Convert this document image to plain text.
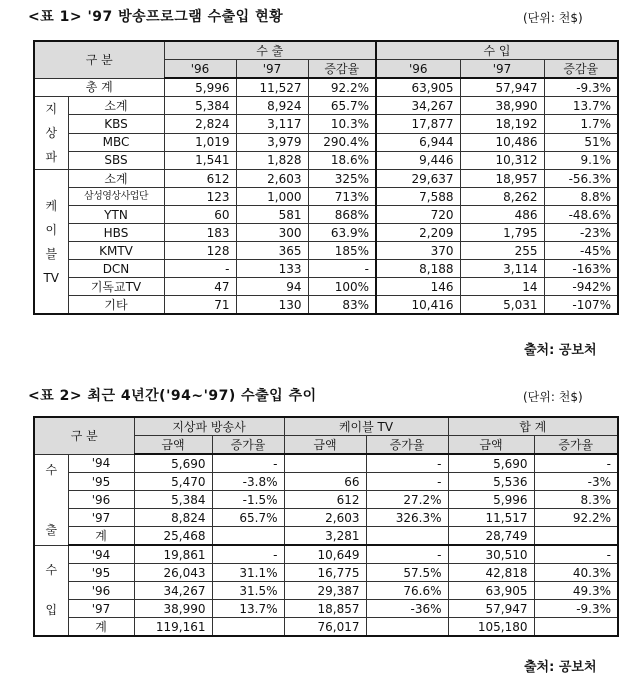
<표 1> '97 방송프로그램 수출입 현황	(단위: 천$)
구 분		수 출			수 입		
		'96	'97	증감율	'96	'97	증감율
총 계		5,996	11,527	92.2%	63,905	57,947	-9.3%
지
상
파	소계	5,384	8,924	65.7%	34,267	38,990	13.7%
	KBS	2,824	3,117	10.3%	17,877	18,192	1.7%
	MBC	1,019	3,979	290.4%	6,944	10,486	51%
	SBS	1,541	1,828	18.6%	9,446	10,312	9.1%
케
이
블
TV	소계	612	2,603	325%	29,637	18,957	-56.3%
	삼성영상사업단	123	1,000	713%	7,588	8,262	8.8%
	YTN	60	581	868%	720	486	-48.6%
	HBS	183	300	63.9%	2,209	1,795	-23%
	KMTV	128	365	185%	370	255	-45%
	DCN	-	133	-	8,188	3,114	-163%
	기독교TV	47	94	100%	146	14	-942%
	기타	71	130	83%	10,416	5,031	-107%
출처: 공보처
<표 2> 최근 4년간('94~'97) 수출입 추이	(단위: 천$)
구 분		지상파 방송사		케이블 TV		합 계	
		금액	증가율	금액	증가율	금액	증가율
수

출	'94	5,690	-		-	5,690	-
	'95	5,470	-3.8%	66	-	5,536	-3%
	'96	5,384	-1.5%	612	27.2%	5,996	8.3%
	'97	8,824	65.7%	2,603	326.3%	11,517	92.2%
	계	25,468		3,281		28,749	
수

입	'94	19,861	-	10,649	-	30,510	-
	'95	26,043	31.1%	16,775	57.5%	42,818	40.3%
	'96	34,267	31.5%	29,387	76.6%	63,905	49.3%
	'97	38,990	13.7%	18,857	-36%	57,947	-9.3%
	계	119,161		76,017		105,180	
출처: 공보처
